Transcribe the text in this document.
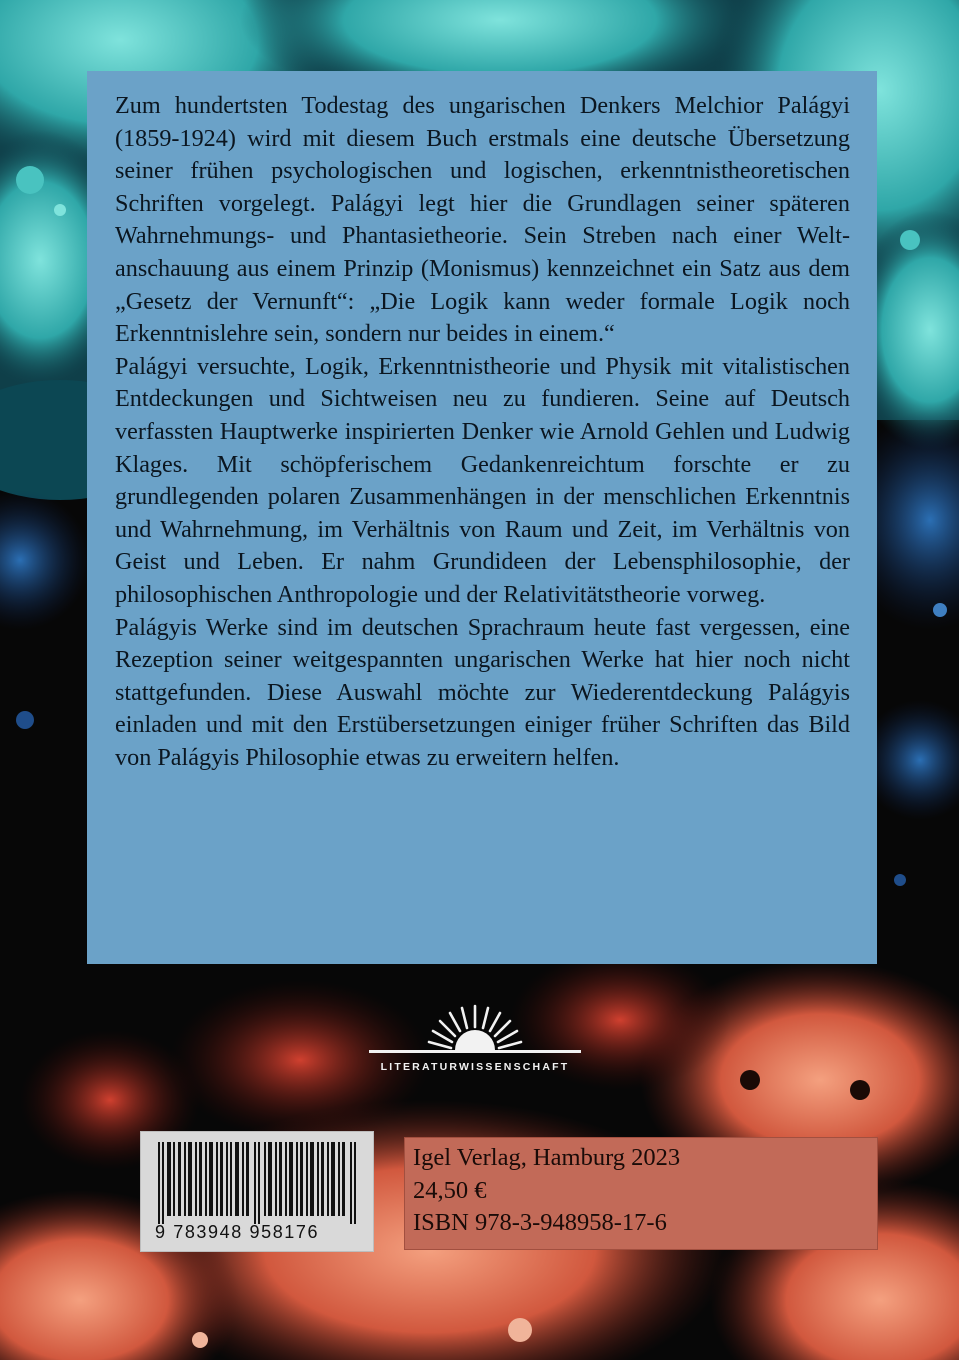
Zum hundertsten Todestag des ungarischen Denkers Melchior Palágyi (1859-1924) wird mit diesem Buch erstmals eine deutsche Übersetzung seiner frühen psychologischen und logischen, erkenntnistheoretischen Schriften vorgelegt. Palágyi legt hier die Grundlagen seiner späteren Wahrnehmungs- und Phantasietheorie. Sein Streben nach einer Weltanschauung aus einem Prinzip (Monismus) kennzeichnet ein Satz aus dem „Gesetz der Vernunft“: „Die Logik kann weder formale Logik noch Erkenntnislehre sein, sondern nur beides in einem.“

Palágyi versuchte, Logik, Erkenntnistheorie und Physik mit vitalistischen Entdeckungen und Sichtweisen neu zu fundieren. Seine auf Deutsch verfassten Hauptwerke inspirierten Denker wie Arnold Gehlen und Ludwig Klages. Mit schöpferischem Gedankenreichtum forschte er zu grundlegenden polaren Zusammenhängen in der menschlichen Erkenntnis und Wahrnehmung, im Verhältnis von Raum und Zeit, im Verhältnis von Geist und Leben. Er nahm Grundideen der Lebensphilosophie, der philosophischen Anthropologie und der Relativitätstheorie vorweg.

Palágyis Werke sind im deutschen Sprachraum heute fast vergessen, eine Rezeption seiner weitgespannten ungarischen Werke hat hier noch nicht stattgefunden. Diese Auswahl möchte zur Wiederentdeckung Palágyis einladen und mit den Erstübersetzungen einiger früher Schriften das Bild von Palágyis Philosophie etwas zu erweitern helfen.

LITERATURWISSENSCHAFT
9 783948 958176
Igel Verlag, Hamburg 2023
24,50 €
ISBN 978-3-948958-17-6
